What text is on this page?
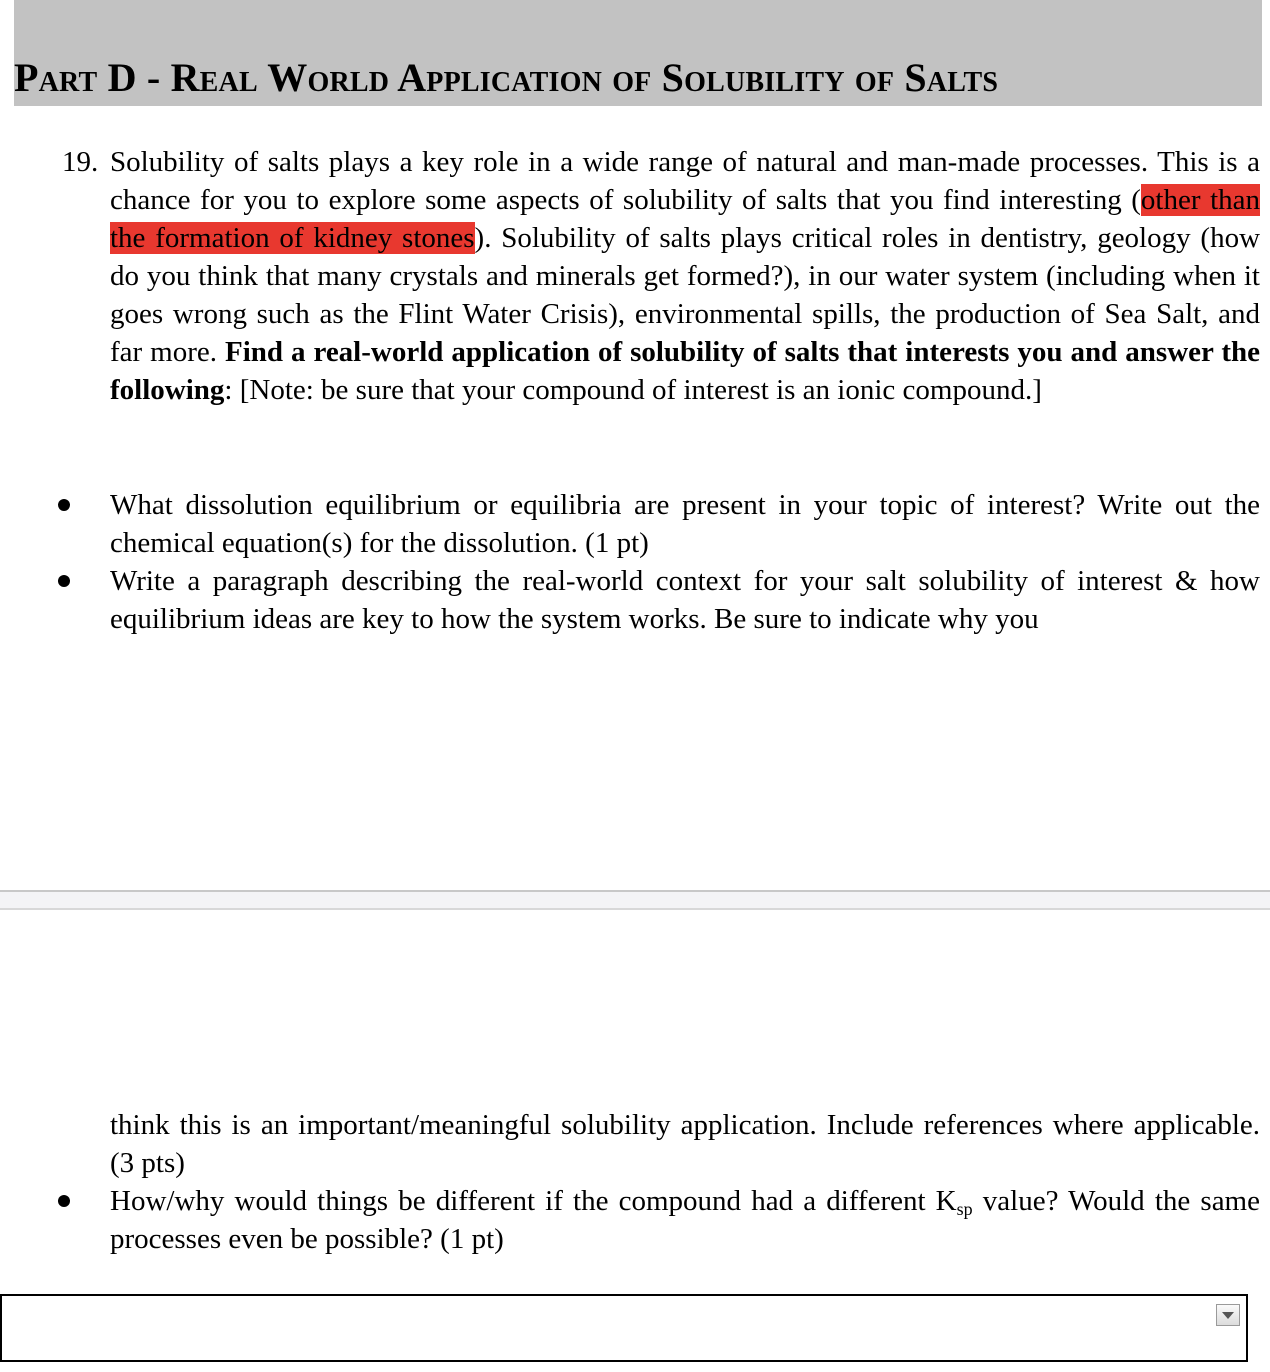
Part D - Real World Application of Solubility of Salts
19. Solubility of salts plays a key role in a wide range of natural and man-made processes. This is a chance for you to explore some aspects of solubility of salts that you find interesting (other than the formation of kidney stones). Solubility of salts plays critical roles in dentistry, geology (how do you think that many crystals and minerals get formed?), in our water system (including when it goes wrong such as the Flint Water Crisis), environmental spills, the production of Sea Salt, and far more. Find a real-world application of solubility of salts that interests you and answer the following: [Note: be sure that your compound of interest is an ionic compound.]

What dissolution equilibrium or equilibria are present in your topic of interest? Write out the chemical equation(s) for the dissolution. (1 pt)
Write a paragraph describing the real-world context for your salt solubility of interest & how equilibrium ideas are key to how the system works. Be sure to indicate why you

think this is an important/meaningful solubility application. Include references where applicable. (3 pts)

How/why would things be different if the compound had a different $K_{sp}$ value? Would the same processes even be possible? (1 pt)
